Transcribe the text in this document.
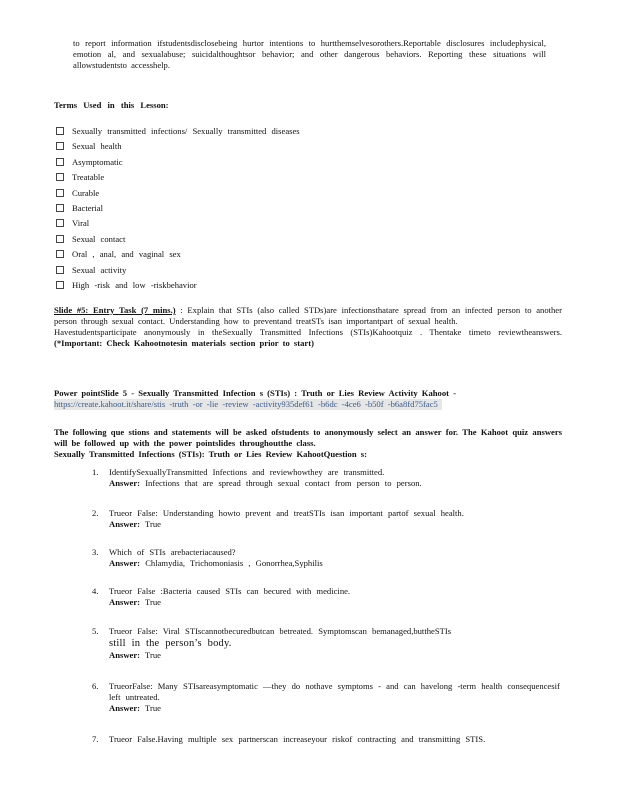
to report information ifstudentsdisclosebeing hurtor intentions to hurtthemselvesorothers.Reportable disclosures includephysical, emotion al, and sexualabuse; suicidalthoughtsor behavior; and other dangerous behaviors. Reporting these situations will allowstudentsto accesshelp.
Terms Used in this Lesson:
Sexually transmitted infections/ Sexually transmitted diseases
Sexual health
Asymptomatic
Treatable
Curable
Bacterial
Viral
Sexual contact
Oral , anal, and vaginal sex
Sexual activity
High -risk and low -riskbehavior
Slide #5: Entry Task (7 mins.) : Explain that STIs (also called STDs)are infectionsthatare spread from an infected person to another person through sexual contact. Understanding how to preventand treatSTs isan importantpart of sexual health.
Havestudentsparticipate anonymously in theSexually Transmitted Infections (STIs)Kahootquiz . Thentake timeto reviewtheanswers. (*Important: Check Kahootnotesin materials section prior to start)
Power pointSlide 5 - Sexually Transmitted Infection s (STIs) : Truth or Lies Review Activity Kahoot -
https://create.kahoot.it/share/stis -truth -or -lie -review -activity935def61 -b6dc -4ce6 -b50f -b6a8fd75fac5
The following que stions and statements will be asked ofstudents to anonymously select an answer for. The Kahoot quiz answers will be followed up with the power pointslides throughoutthe class.
Sexually Transmitted Infections (STIs): Truth or Lies Review KahootQuestion s:
1. IdentifySexuallyTransmitted Infections and reviewhowthey are transmitted.
Answer: Infections that are spread through sexual contact from person to person.
2. Trueor False: Understanding howto prevent and treatSTIs isan important partof sexual health.
Answer: True
3. Which of STIs arebacteriacaused?
Answer: Chlamydia, Trichomoniasis , Gonorrhea,Syphilis
4. Trueor False :Bacteria caused STIs can becured with medicine.
Answer: True
5. Trueor False: Viral STIscannotbecuredbutcan betreated. Symptomscan bemanaged,buttheSTIs
still in the person’s body.
Answer: True
6. TrueorFalse: Many STIsareasymptomatic —they do nothave symptoms - and can havelong -term health consequencesif left untreated.
Answer: True
7. Trueor False.Having multiple sex partnerscan increaseyour riskof contracting and transmitting STIS.
